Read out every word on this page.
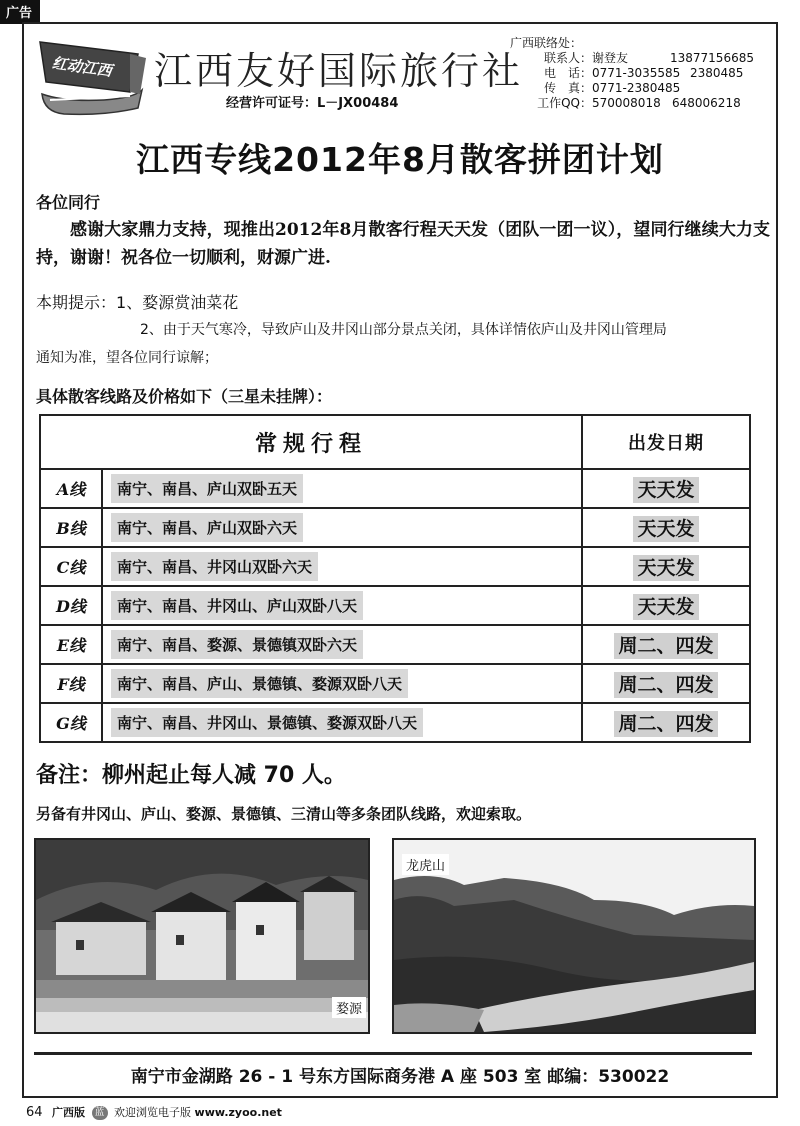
广告
红动江西 江西友好国际旅行社
经营许可证号：L－JX00484
广西联络处：
联系人：谢登友	13877156685
电　话：0771-3035585 2380485
传　真：0771-2380485
工作QQ：570008018 648006218
江西专线2012年8月散客拼团计划
各位同行
感谢大家鼎力支持，现推出2012年8月散客行程天天发（团队一团一议），望同行继续大力支持，谢谢！祝各位一切顺利，财源广进.
本期提示：1、婺源赏油菜花
2、由于天气寒冷，导致庐山及井冈山部分景点关闭，具体详情依庐山及井冈山管理局
通知为准，望各位同行谅解；
具体散客线路及价格如下（三星未挂牌）：
常规行程		出发日期
A线	南宁、南昌、庐山双卧五天	天天发
B线	南宁、南昌、庐山双卧六天	天天发
C线	南宁、南昌、井冈山双卧六天	天天发
D线	南宁、南昌、井冈山、庐山双卧八天	天天发
E线	南宁、南昌、婺源、景德镇双卧六天	周二、四发
F线	南宁、南昌、庐山、景德镇、婺源双卧八天	周二、四发
G线	南宁、南昌、井冈山、景德镇、婺源双卧八天	周二、四发
备注：柳州起止每人减 70 人。
另备有井冈山、庐山、婺源、景德镇、三清山等多条团队线路，欢迎索取。
婺源
龙虎山
南宁市金湖路 26 - 1 号东方国际商务港 A 座 503 室 邮编：530022
64 广西版 蓝 欢迎浏览电子版 www.zyoo.net
